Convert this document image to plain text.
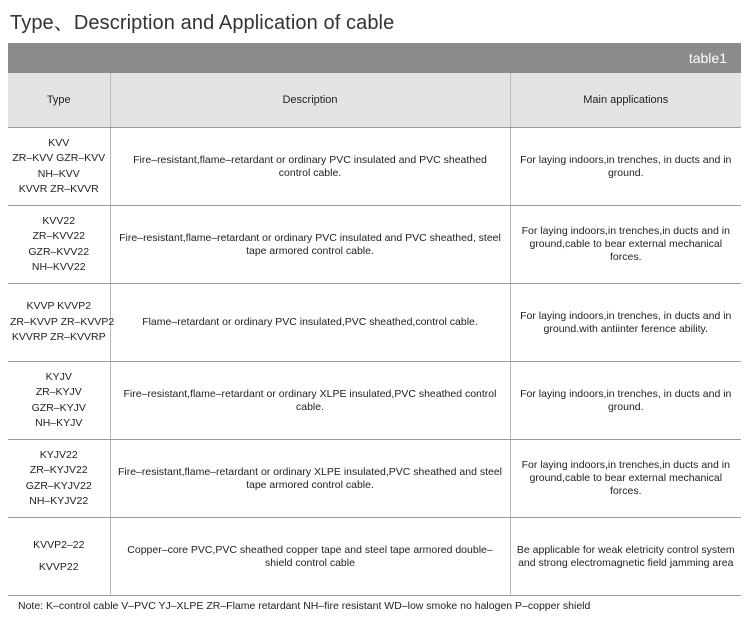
Type、Description and Application of cable
table1
Type	Description	Main applications

KVV
ZR–KVV GZR–KVV
NH–KVV
KVVR ZR–KVVR	Fire–resistant,flame–retardant or ordinary PVC insulated and PVC sheathed control cable.	For laying indoors,in trenches, in ducts and in ground.

KVV22
ZR–KVV22
GZR–KVV22
NH–KVV22	Fire–resistant,flame–retardant or ordinary PVC insulated and PVC sheathed, steel tape armored control cable.	For laying indoors,in trenches,in ducts and in ground,cable to bear external mechanical forces.

KVVP KVVP2
ZR–KVVP ZR–KVVP2
KVVRP ZR–KVVRP	Flame–retardant or ordinary PVC insulated,PVC sheathed,control cable.	For laying indoors,in trenches, in ducts and in ground.with antiinter ference ability.

KYJV
ZR–KYJV
GZR–KYJV
NH–KYJV	Fire–resistant,flame–retardant or ordinary XLPE insulated,PVC sheathed control cable.	For laying indoors,in trenches, in ducts and in ground.

KYJV22
ZR–KYJV22
GZR–KYJV22
NH–KYJV22	Fire–resistant,flame–retardant or ordinary XLPE insulated,PVC sheathed and steel tape armored control cable.	For laying indoors,in trenches,in ducts and in ground,cable to bear external mechanical forces.

KVVP2–22
KVVP22	Copper–core PVC,PVC sheathed copper tape and steel tape armored double–shield control cable	Be applicable for weak eletricity control system and strong electromagnetic field jamming area
Note: K–control cable V–PVC YJ–XLPE ZR–Flame retardant NH–fire resistant WD–low smoke no halogen P–copper shield
